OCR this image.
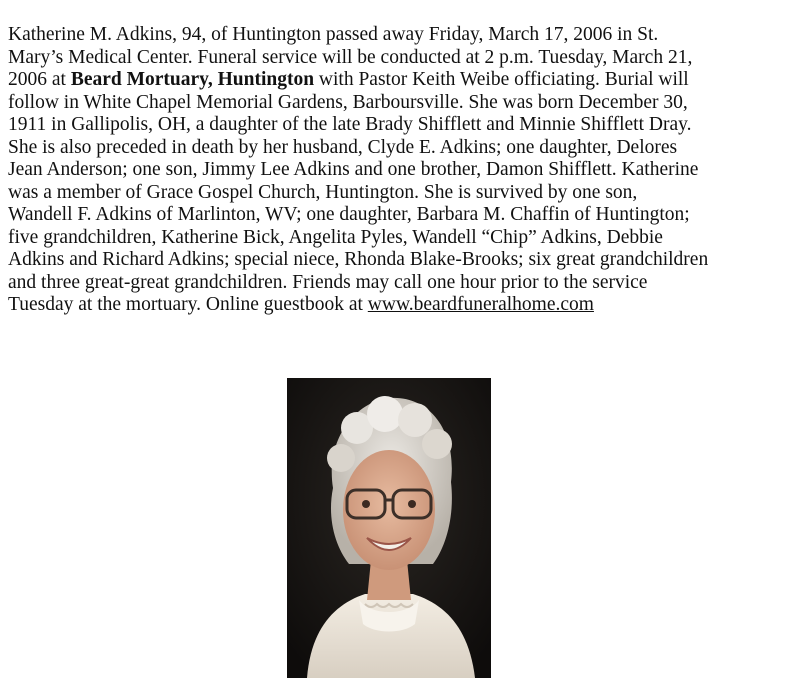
Katherine M. Adkins, 94, of Huntington passed away Friday, March 17, 2006 in St.
Mary’s Medical Center. Funeral service will be conducted at 2 p.m. Tuesday, March 21,
2006 at Beard Mortuary, Huntington with Pastor Keith Weibe officiating. Burial will
follow in White Chapel Memorial Gardens, Barboursville. She was born December 30,
1911 in Gallipolis, OH, a daughter of the late Brady Shifflett and Minnie Shifflett Dray.
She is also preceded in death by her husband, Clyde E. Adkins; one daughter, Delores
Jean Anderson; one son, Jimmy Lee Adkins and one brother, Damon Shifflett. Katherine
was a member of Grace Gospel Church, Huntington. She is survived by one son,
Wandell F. Adkins of Marlinton, WV; one daughter, Barbara M. Chaffin of Huntington;
five grandchildren, Katherine Bick, Angelita Pyles, Wandell “Chip” Adkins, Debbie
Adkins and Richard Adkins; special niece, Rhonda Blake-Brooks; six great grandchildren
and three great-great grandchildren. Friends may call one hour prior to the service
Tuesday at the mortuary. Online guestbook at www.beardfuneralhome.com
